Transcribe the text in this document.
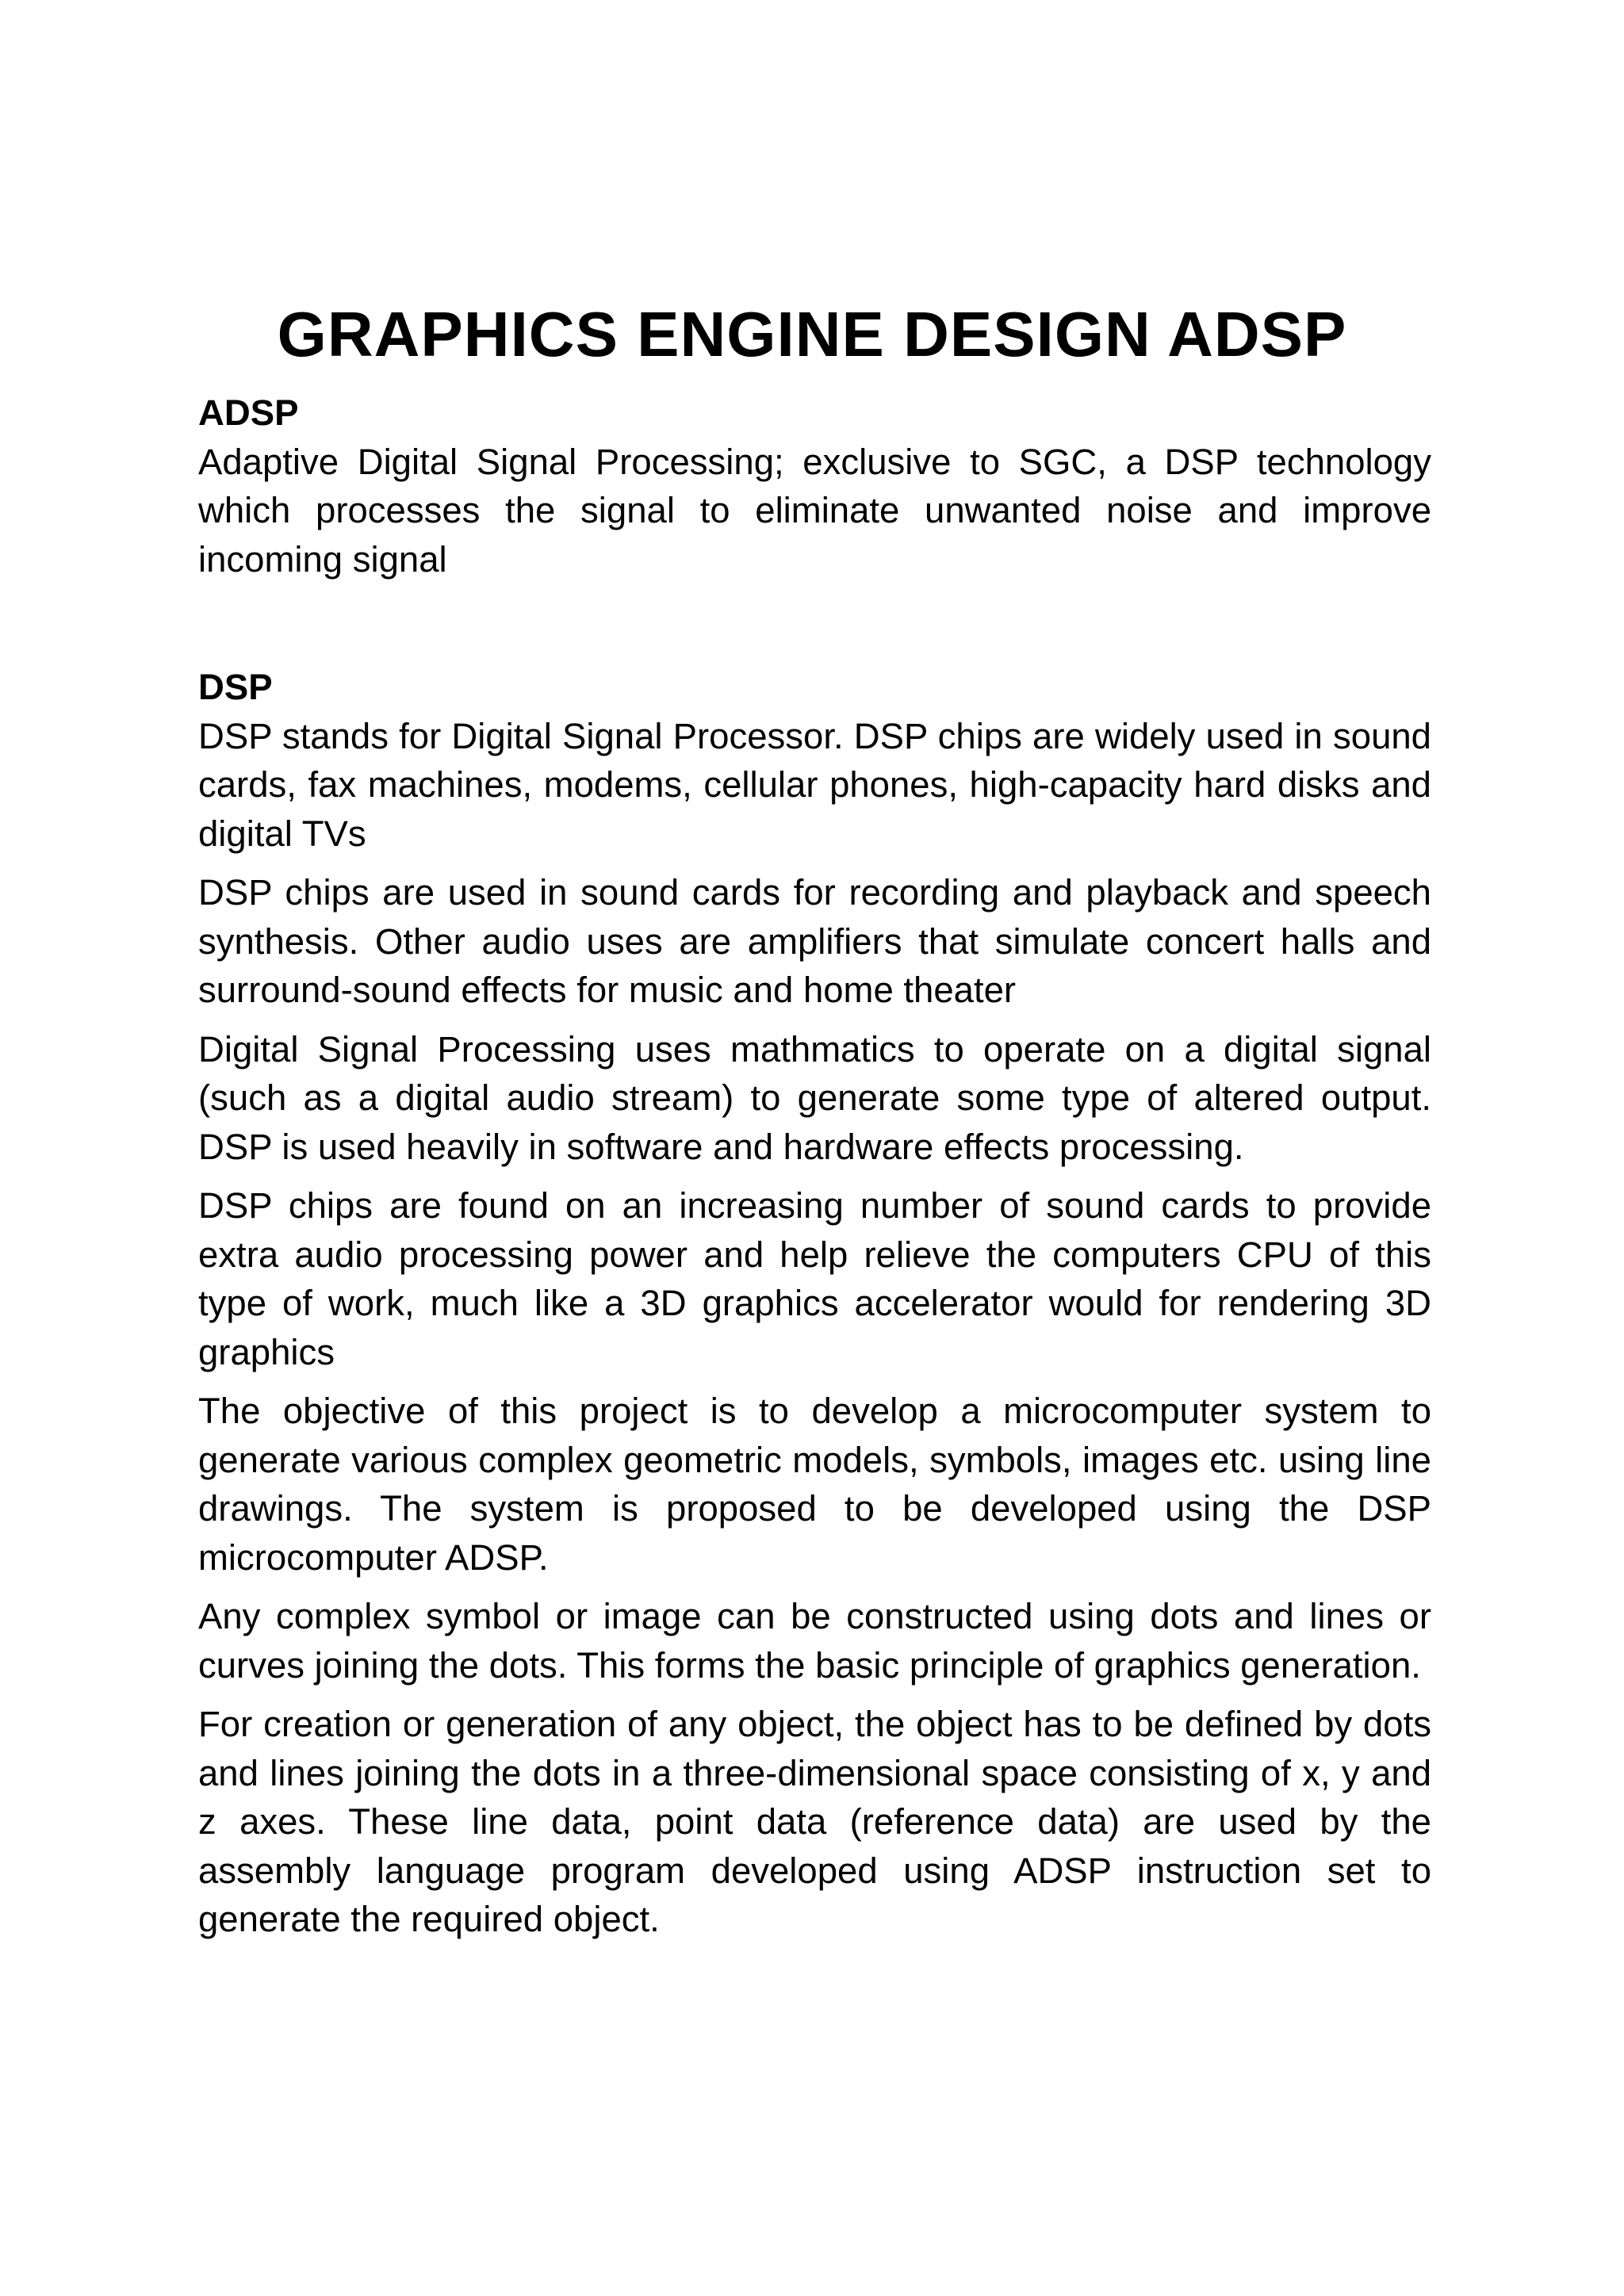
GRAPHICS ENGINE DESIGN ADSP

ADSP

Adaptive Digital Signal Processing; exclusive to SGC, a DSP technology which processes the signal to eliminate unwanted noise and improve incoming signal

DSP

DSP stands for Digital Signal Processor. DSP chips are widely used in sound cards, fax machines, modems, cellular phones, high-capacity hard disks and digital TVs

DSP chips are used in sound cards for recording and playback and speech synthesis. Other audio uses are amplifiers that simulate concert halls and surround-sound effects for music and home theater

Digital Signal Processing uses mathmatics to operate on a digital signal (such as a digital audio stream) to generate some type of altered output. DSP is used heavily in software and hardware effects processing.

DSP chips are found on an increasing number of sound cards to provide extra audio processing power and help relieve the computers CPU of this type of work, much like a 3D graphics accelerator would for rendering 3D graphics

The objective of this project is to develop a microcomputer system to generate various complex geometric models, symbols, images etc. using line drawings. The system is proposed to be developed using the DSP microcomputer ADSP.

Any complex symbol or image can be constructed using dots and lines or curves joining the dots. This forms the basic principle of graphics generation.

For creation or generation of any object, the object has to be defined by dots and lines joining the dots in a three-dimensional space consisting of x, y and z axes. These line data, point data (reference data) are used by the assembly language program developed using ADSP instruction set to generate the required object.
